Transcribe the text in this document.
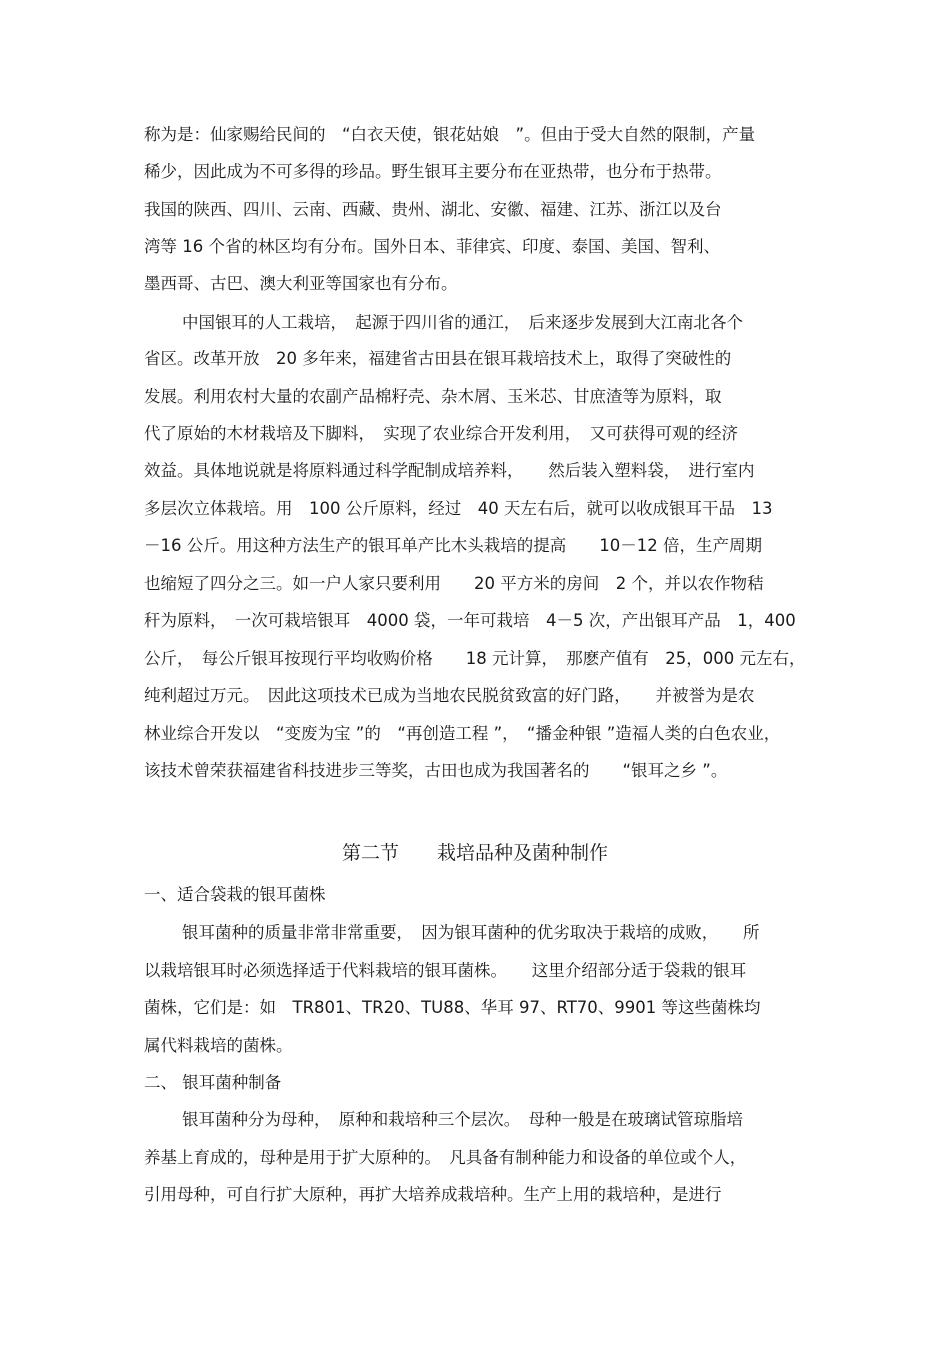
称为是：仙家赐给民间的　“白衣天使，银花姑娘　”。但由于受大自然的限制，产量
稀少，因此成为不可多得的珍品。野生银耳主要分布在亚热带，也分布于热带。
我国的陕西、四川、云南、西藏、贵州、湖北、安徽、福建、江苏、浙江以及台
湾等 16 个省的林区均有分布。国外日本、菲律宾、印度、泰国、美国、智利、
墨西哥、古巴、澳大利亚等国家也有分布。
中国银耳的人工栽培，　起源于四川省的通江，　后来逐步发展到大江南北各个
省区。改革开放　20 多年来，福建省古田县在银耳栽培技术上，取得了突破性的
发展。利用农村大量的农副产品棉籽壳、杂木屑、玉米芯、甘庶渣等为原料，取
代了原始的木材栽培及下脚料，　实现了农业综合开发利用，　又可获得可观的经济
效益。具体地说就是将原料通过科学配制成培养料，　　然后装入塑料袋，　进行室内
多层次立体栽培。用　100 公斤原料，经过　40 天左右后，就可以收成银耳干品　13
－16 公斤。用这种方法生产的银耳单产比木头栽培的提高　　10－12 倍，生产周期
也缩短了四分之三。如一户人家只要利用　　20 平方米的房间　2 个，并以农作物秸
秆为原料，　一次可栽培银耳　4000 袋，一年可栽培　4－5 次，产出银耳产品　1，400
公斤，　每公斤银耳按现行平均收购价格　　18 元计算，　那麽产值有　25，000 元左右，
纯利超过万元。　因此这项技术已成为当地农民脱贫致富的好门路，　　并被誉为是农
林业综合开发以　“变废为宝 ”的　“再创造工程 ”，　“播金种银 ”造福人类的白色农业，
该技术曾荣获福建省科技进步三等奖，古田也成为我国著名的　　“银耳之乡 ”。
第二节　　栽培品种及菌种制作
一、适合袋栽的银耳菌株
银耳菌种的质量非常非常重要，　因为银耳菌种的优劣取决于栽培的成败，　　所
以栽培银耳时必须选择适于代料栽培的银耳菌株。　　这里介绍部分适于袋栽的银耳
菌株，它们是：如　TR801、TR20、TU88、华耳 97、RT70、9901 等这些菌株均
属代料栽培的菌株。
二、 银耳菌种制备
银耳菌种分为母种，　原种和栽培种三个层次。　母种一般是在玻璃试管琼脂培
养基上育成的，母种是用于扩大原种的。　凡具备有制种能力和设备的单位或个人，
引用母种，可自行扩大原种，再扩大培养成栽培种。生产上用的栽培种，是进行
